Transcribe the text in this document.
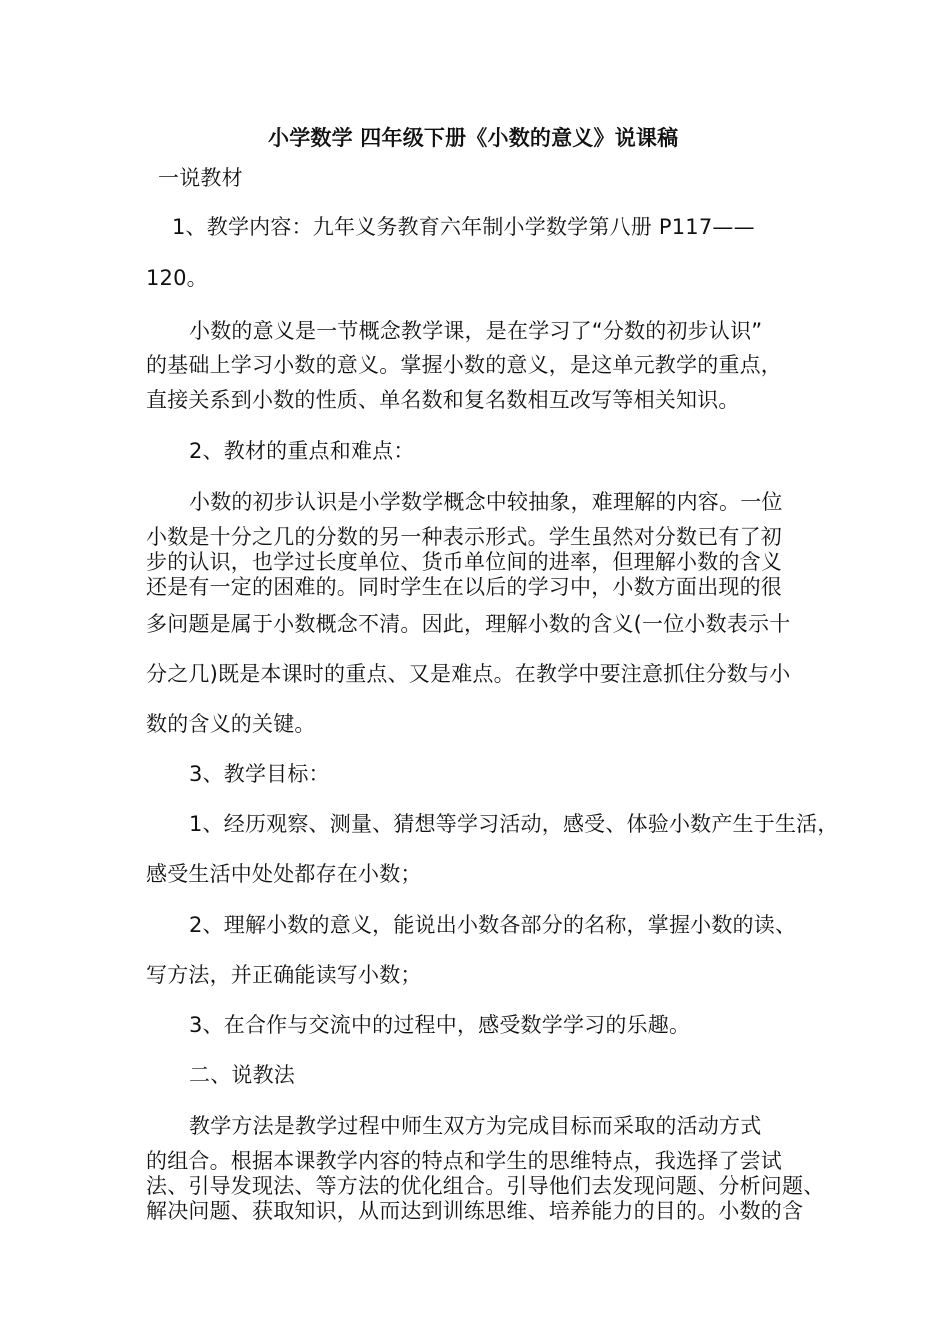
小学数学 四年级下册《小数的意义》说课稿
一说教材
1、教学内容：九年义务教育六年制小学数学第八册 P117——
120。
小数的意义是一节概念教学课，是在学习了“分数的初步认识”
的基础上学习小数的意义。掌握小数的意义，是这单元教学的重点，
直接关系到小数的性质、单名数和复名数相互改写等相关知识。
2、教材的重点和难点：
小数的初步认识是小学数学概念中较抽象，难理解的内容。一位
小数是十分之几的分数的另一种表示形式。学生虽然对分数已有了初
步的认识，也学过长度单位、货币单位间的进率，但理解小数的含义
还是有一定的困难的。同时学生在以后的学习中，小数方面出现的很
多问题是属于小数概念不清。因此，理解小数的含义(一位小数表示十
分之几)既是本课时的重点、又是难点。在教学中要注意抓住分数与小
数的含义的关键。
3、教学目标：
1、经历观察、测量、猜想等学习活动，感受、体验小数产生于生活，
感受生活中处处都存在小数；
2、理解小数的意义，能说出小数各部分的名称，掌握小数的读、
写方法，并正确能读写小数；
3、在合作与交流中的过程中，感受数学学习的乐趣。
二、说教法
教学方法是教学过程中师生双方为完成目标而采取的活动方式
的组合。根据本课教学内容的特点和学生的思维特点，我选择了尝试
法、引导发现法、等方法的优化组合。引导他们去发现问题、分析问题、
解决问题、获取知识，从而达到训练思维、培养能力的目的。小数的含
